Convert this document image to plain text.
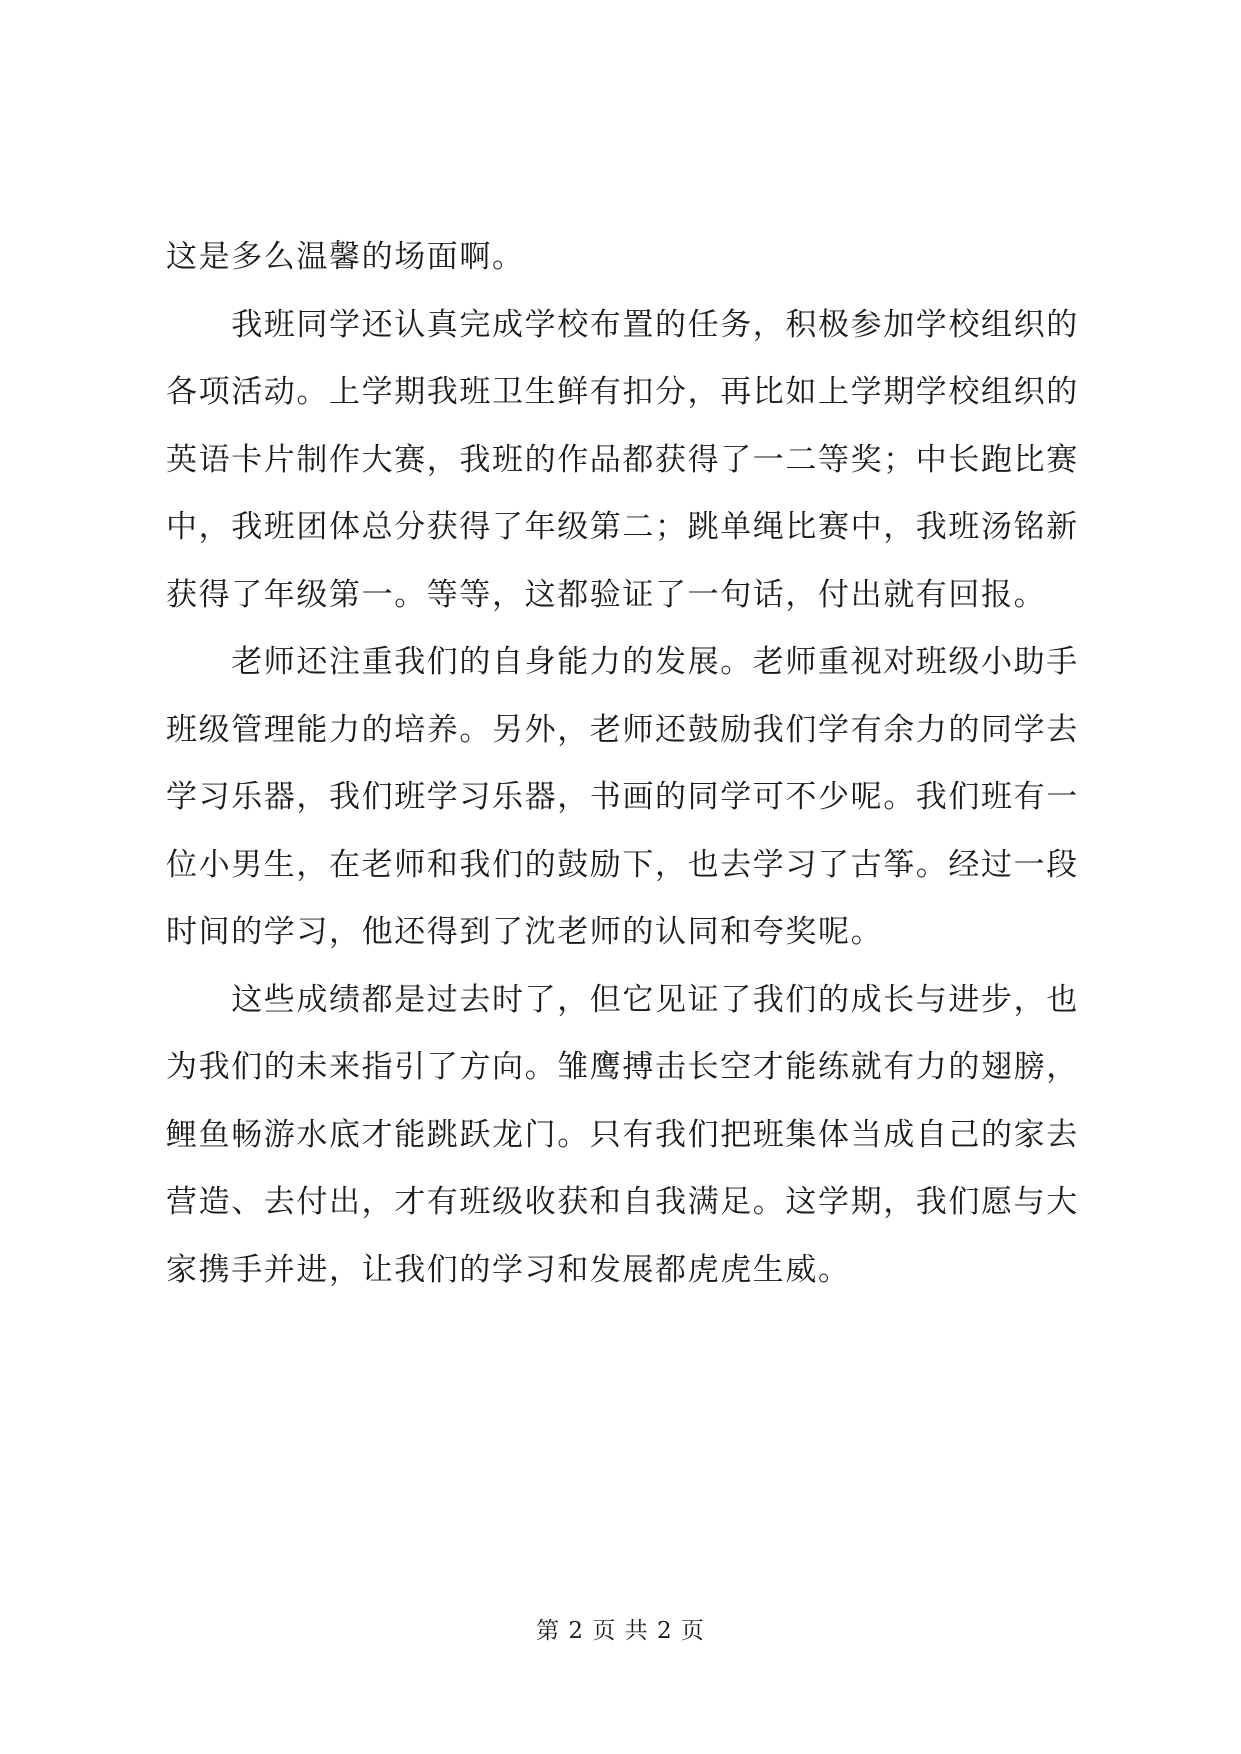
这是多么温馨的场面啊。
　　我班同学还认真完成学校布置的任务，积极参加学校组织的
各项活动。上学期我班卫生鲜有扣分，再比如上学期学校组织的
英语卡片制作大赛，我班的作品都获得了一二等奖；中长跑比赛
中，我班团体总分获得了年级第二；跳单绳比赛中，我班汤铭新
获得了年级第一。等等，这都验证了一句话，付出就有回报。
　　老师还注重我们的自身能力的发展。老师重视对班级小助手
班级管理能力的培养。另外，老师还鼓励我们学有余力的同学去
学习乐器，我们班学习乐器，书画的同学可不少呢。我们班有一
位小男生，在老师和我们的鼓励下，也去学习了古筝。经过一段
时间的学习，他还得到了沈老师的认同和夸奖呢。
　　这些成绩都是过去时了，但它见证了我们的成长与进步，也
为我们的未来指引了方向。雏鹰搏击长空才能练就有力的翅膀，
鲤鱼畅游水底才能跳跃龙门。只有我们把班集体当成自己的家去
营造、去付出，才有班级收获和自我满足。这学期，我们愿与大
家携手并进，让我们的学习和发展都虎虎生威。
第 2 页 共 2 页
